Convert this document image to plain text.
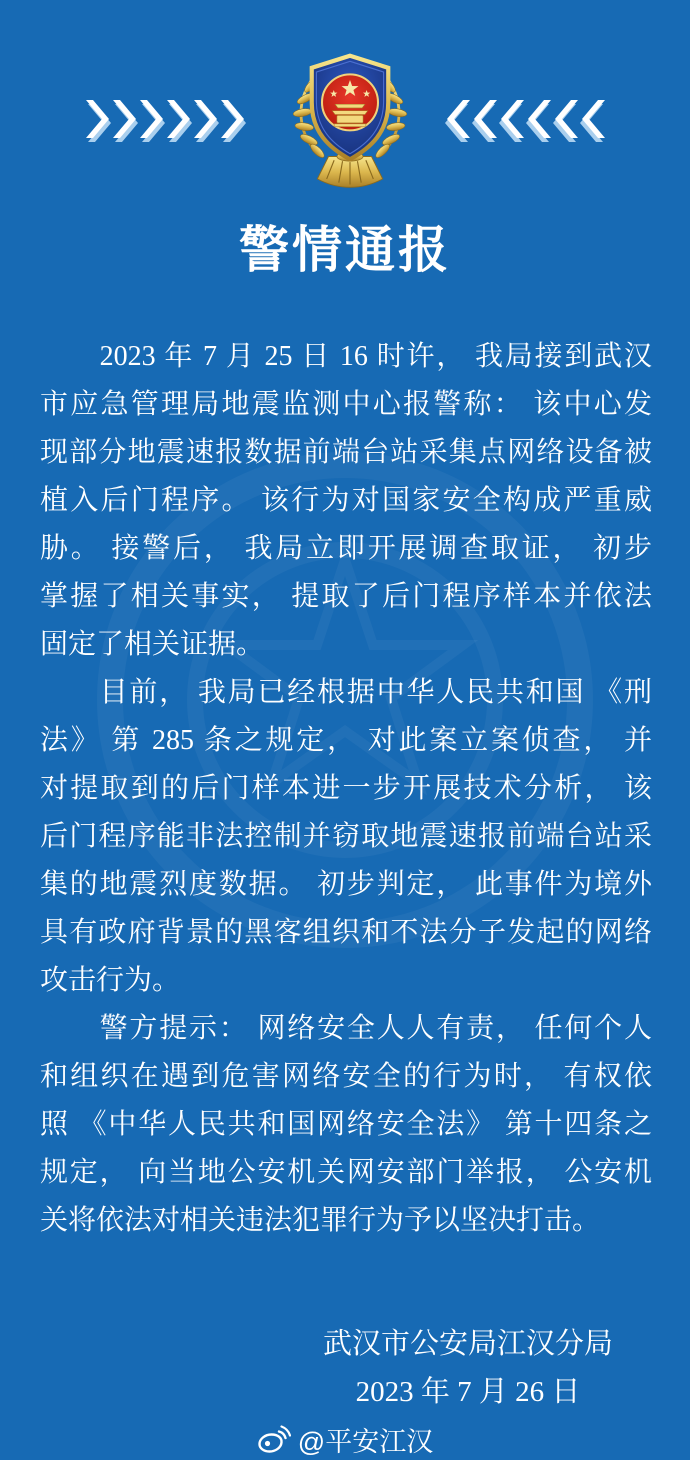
警情通报
　　2023 年 7 月 25 日 16 时许， 我局接到武汉
市应急管理局地震监测中心报警称： 该中心发
现部分地震速报数据前端台站采集点网络设备被
植入后门程序。 该行为对国家安全构成严重威
胁。 接警后， 我局立即开展调查取证， 初步
掌握了相关事实， 提取了后门程序样本并依法
固定了相关证据。
　　目前， 我局已经根据中华人民共和国 《刑
法》 第 285 条之规定， 对此案立案侦查， 并
对提取到的后门样本进一步开展技术分析， 该
后门程序能非法控制并窃取地震速报前端台站采
集的地震烈度数据。 初步判定， 此事件为境外
具有政府背景的黑客组织和不法分子发起的网络
攻击行为。
　　警方提示： 网络安全人人有责， 任何个人
和组织在遇到危害网络安全的行为时， 有权依
照 《中华人民共和国网络安全法》 第十四条之
规定， 向当地公安机关网安部门举报， 公安机
关将依法对相关违法犯罪行为予以坚决打击。
武汉市公安局江汉分局
2023 年 7 月 26 日
@平安江汉
